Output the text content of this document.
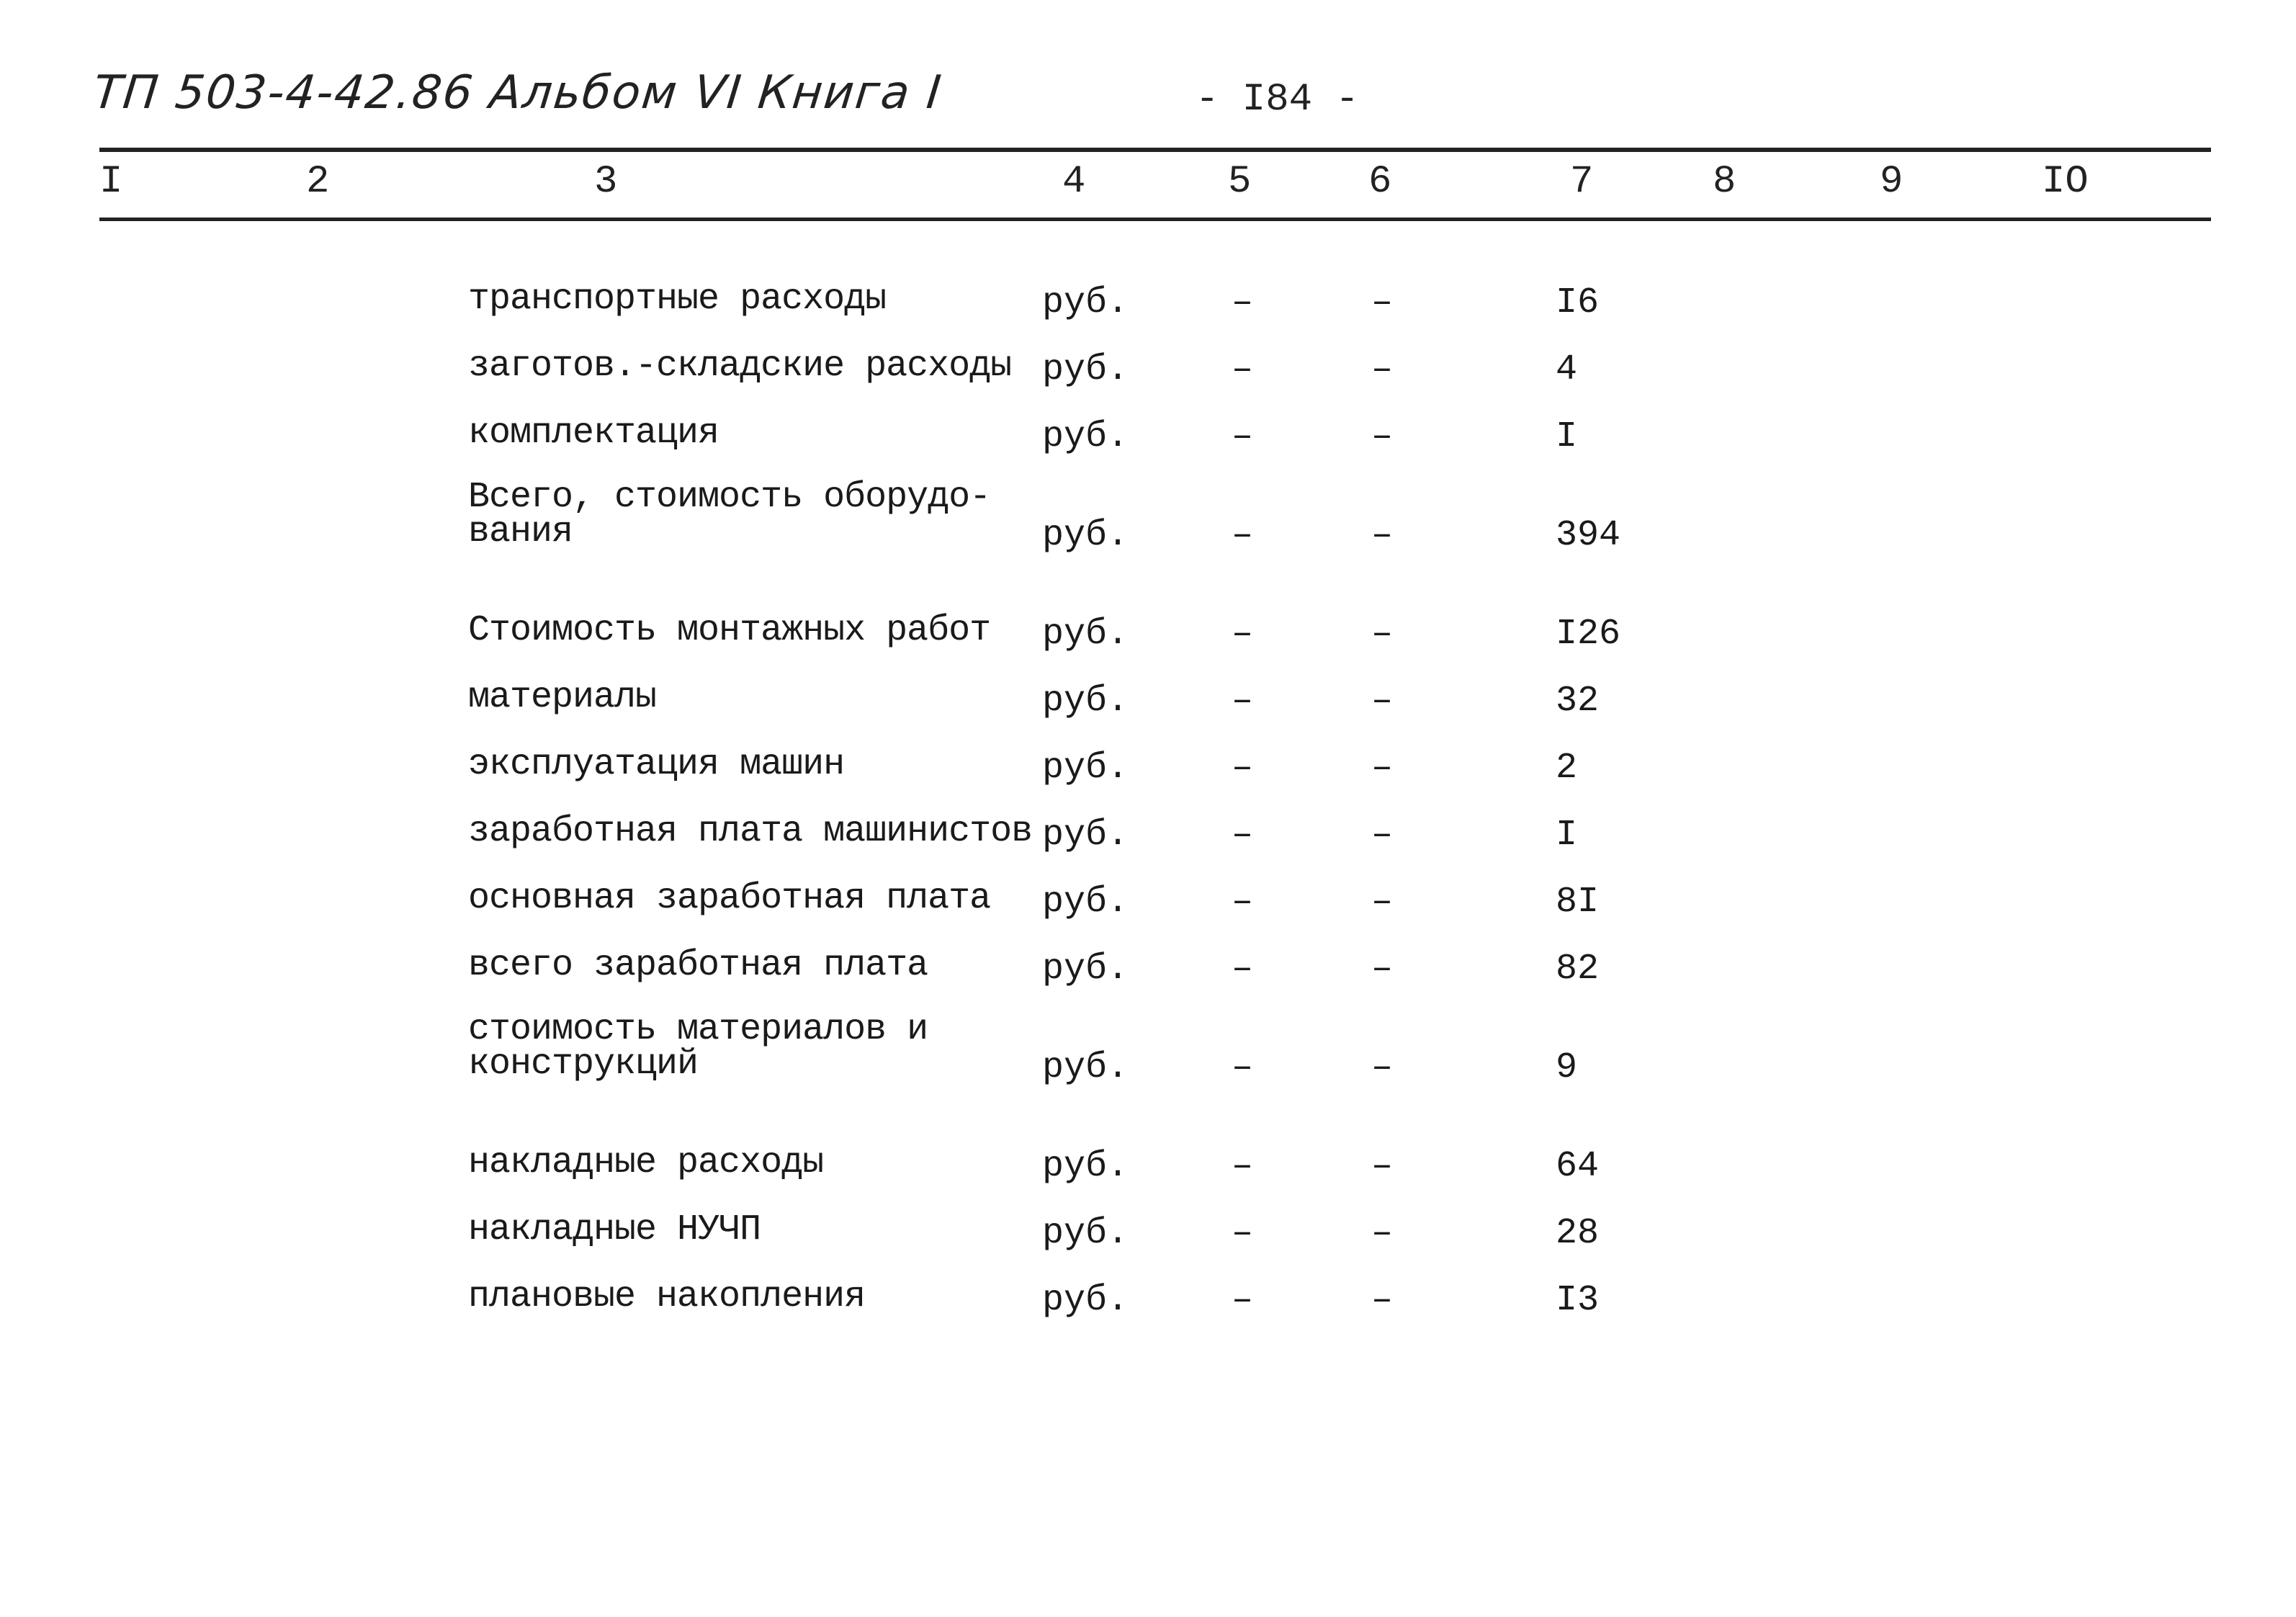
ТП 503-4-42.86 Альбом VI Книга I	- I84 -
I	2	3	4	5	6	7	8	9	IO
транспортные расходы	руб.	–	–	I6
заготов.-складские расходы руб.	–	–	4
комплектация	руб.	–	–	I
Всего, стоимость оборудо-
вания	руб.	–	–	394
Стоимость монтажных работ руб.	–	–	I26
материалы	руб.	–	–	32
эксплуатация машин	руб.	–	–	2
заработная плата машинистов руб.	–	–	I
основная заработная плата руб.	–	–	8I
всего заработная плата	руб.	–	–	82
стоимость материалов и
конструкций	руб.	–	–	9
накладные расходы	руб.	–	–	64
накладные НУЧП	руб.	–	–	28
плановые накопления	руб.	–	–	I3
